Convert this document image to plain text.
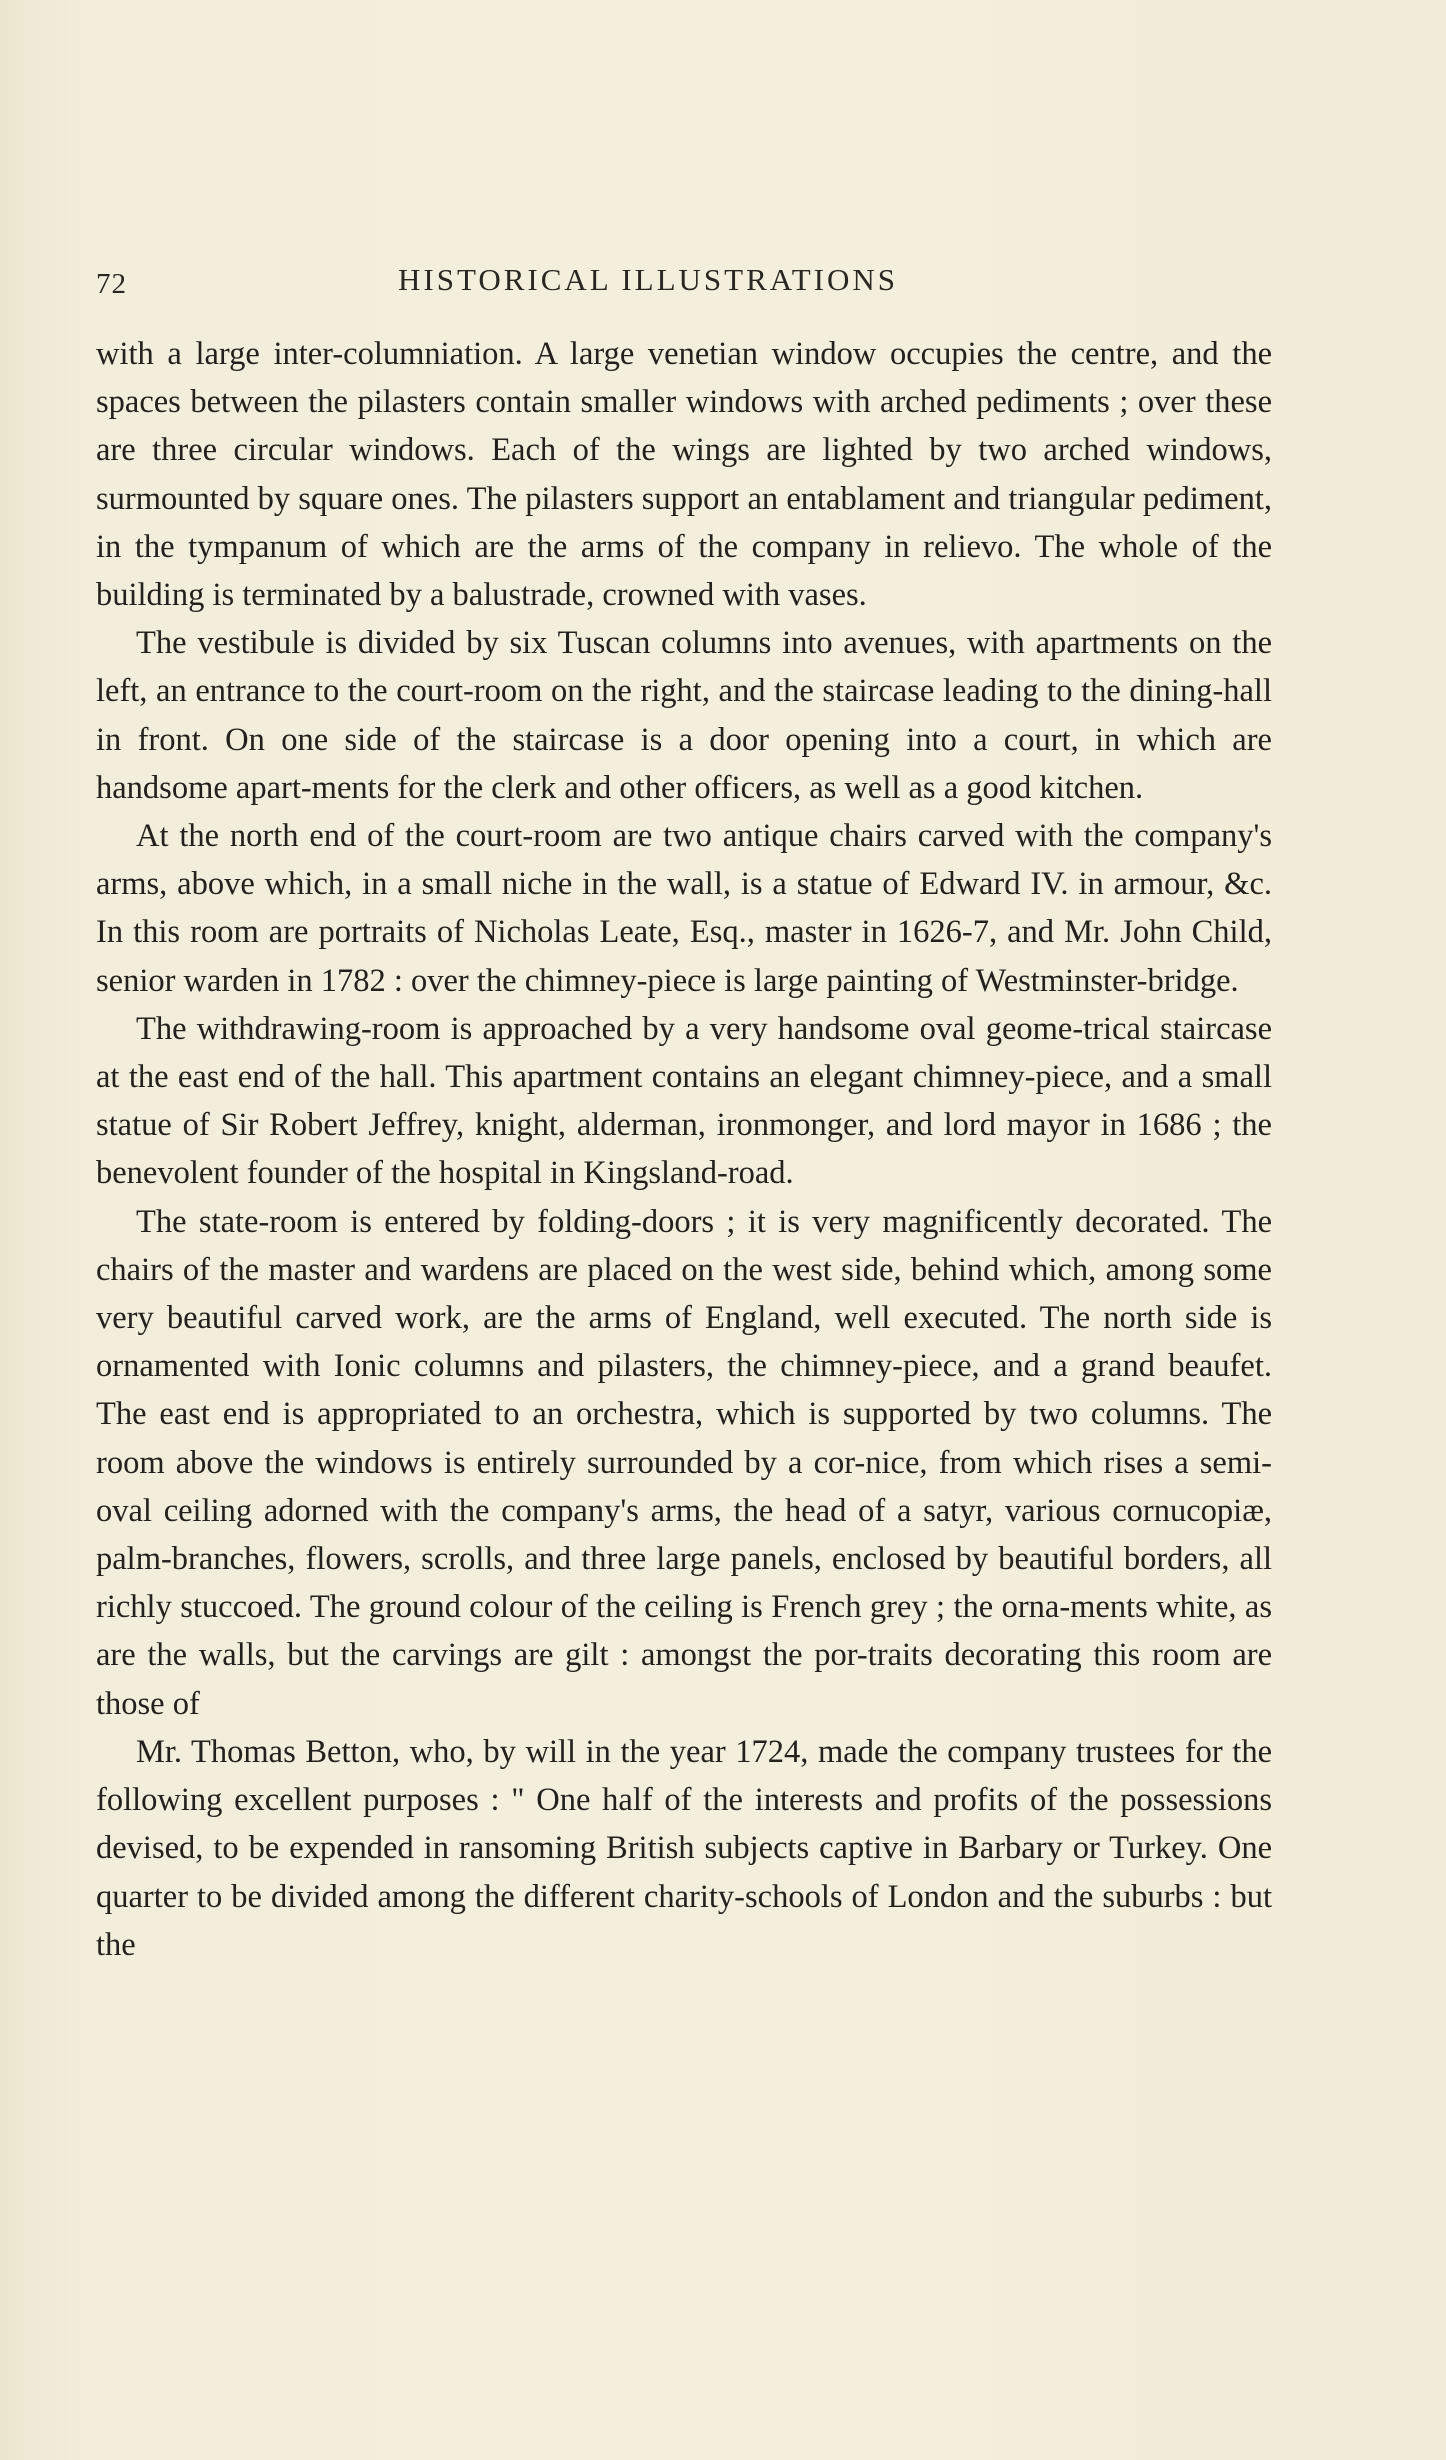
72	HISTORICAL ILLUSTRATIONS

with a large inter-columniation. A large venetian window occupies the centre, and the spaces between the pilasters contain smaller windows with arched pediments ; over these are three circular windows. Each of the wings are lighted by two arched windows, surmounted by square ones. The pilasters support an entablament and triangular pediment, in the tympanum of which are the arms of the company in relievo. The whole of the building is terminated by a balustrade, crowned with vases.

The vestibule is divided by six Tuscan columns into avenues, with apartments on the left, an entrance to the court-room on the right, and the staircase leading to the dining-hall in front. On one side of the staircase is a door opening into a court, in which are handsome apart-ments for the clerk and other officers, as well as a good kitchen.

At the north end of the court-room are two antique chairs carved with the company's arms, above which, in a small niche in the wall, is a statue of Edward IV. in armour, &c. In this room are portraits of Nicholas Leate, Esq., master in 1626-7, and Mr. John Child, senior warden in 1782 : over the chimney-piece is large painting of Westminster-bridge.

The withdrawing-room is approached by a very handsome oval geome-trical staircase at the east end of the hall. This apartment contains an elegant chimney-piece, and a small statue of Sir Robert Jeffrey, knight, alderman, ironmonger, and lord mayor in 1686 ; the benevolent founder of the hospital in Kingsland-road.

The state-room is entered by folding-doors ; it is very magnificently decorated. The chairs of the master and wardens are placed on the west side, behind which, among some very beautiful carved work, are the arms of England, well executed. The north side is ornamented with Ionic columns and pilasters, the chimney-piece, and a grand beaufet. The east end is appropriated to an orchestra, which is supported by two columns. The room above the windows is entirely surrounded by a cor-nice, from which rises a semi-oval ceiling adorned with the company's arms, the head of a satyr, various cornucopiæ, palm-branches, flowers, scrolls, and three large panels, enclosed by beautiful borders, all richly stuccoed. The ground colour of the ceiling is French grey ; the orna-ments white, as are the walls, but the carvings are gilt : amongst the por-traits decorating this room are those of

Mr. Thomas Betton, who, by will in the year 1724, made the company trustees for the following excellent purposes : " One half of the interests and profits of the possessions devised, to be expended in ransoming British subjects captive in Barbary or Turkey. One quarter to be divided among the different charity-schools of London and the suburbs : but the
